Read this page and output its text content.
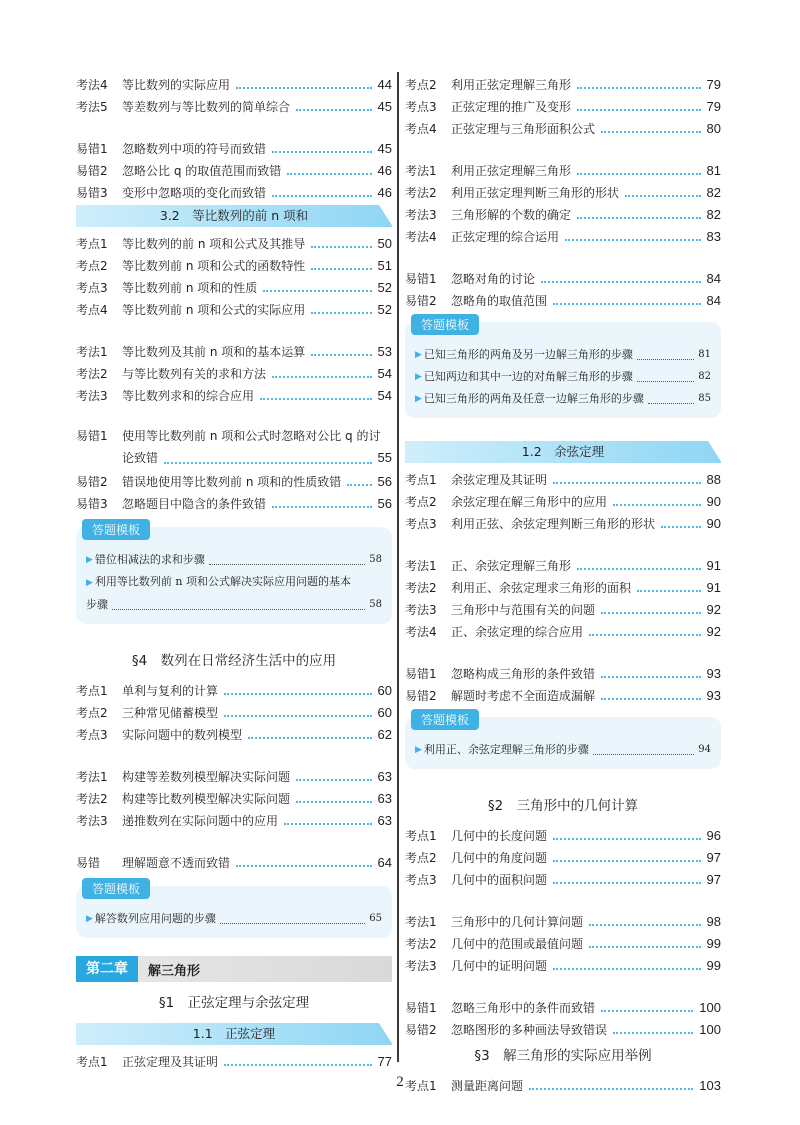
考法4	等比数列的实际应用	44
考法5	等差数列与等比数列的简单综合	45
易错1	忽略数列中项的符号而致错	45
易错2	忽略公比 q 的取值范围而致错	46
易错3	变形中忽略项的变化而致错	46
3.2　等比数列的前 n 项和
考点1	等比数列的前 n 项和公式及其推导	50
考点2	等比数列前 n 项和公式的函数特性	51
考点3	等比数列前 n 项和的性质	52
考点4	等比数列前 n 项和公式的实际应用	52
考法1	等比数列及其前 n 项和的基本运算	53
考法2	与等比数列有关的求和方法	54
考法3	等比数列求和的综合应用	54
易错1	使用等比数列前 n 项和公式时忽略对公比 q 的讨
论致错	55
易错2	错误地使用等比数列前 n 项和的性质致错	56
易错3	忽略题目中隐含的条件致错	56
答题模板
▶ 错位相减法的求和步骤	58
▶ 利用等比数列前 n 项和公式解决实际应用问题的基本
步骤	58
§4　数列在日常经济生活中的应用
考点1	单利与复利的计算	60
考点2	三种常见储蓄模型	60
考点3	实际问题中的数列模型	62
考法1	构建等差数列模型解决实际问题	63
考法2	构建等比数列模型解决实际问题	63
考法3	递推数列在实际问题中的应用	63
易错	理解题意不透而致错	64
答题模板
▶ 解答数列应用问题的步骤	65
第二章	解三角形
§1　正弦定理与余弦定理
1.1　正弦定理
考点1	正弦定理及其证明	77
考点2	利用正弦定理解三角形	79
考点3	正弦定理的推广及变形	79
考点4	正弦定理与三角形面积公式	80
考法1	利用正弦定理解三角形	81
考法2	利用正弦定理判断三角形的形状	82
考法3	三角形解的个数的确定	82
考法4	正弦定理的综合运用	83
易错1	忽略对角的讨论	84
易错2	忽略角的取值范围	84
答题模板
▶ 已知三角形的两角及另一边解三角形的步骤	81
▶ 已知两边和其中一边的对角解三角形的步骤	82
▶ 已知三角形的两角及任意一边解三角形的步骤	85
1.2　余弦定理
考点1	余弦定理及其证明	88
考点2	余弦定理在解三角形中的应用	90
考点3	利用正弦、余弦定理判断三角形的形状	90
考法1	正、余弦定理解三角形	91
考法2	利用正、余弦定理求三角形的面积	91
考法3	三角形中与范围有关的问题	92
考法4	正、余弦定理的综合应用	92
易错1	忽略构成三角形的条件致错	93
易错2	解题时考虑不全面造成漏解	93
答题模板
▶ 利用正、余弦定理解三角形的步骤	94
§2　三角形中的几何计算
考点1	几何中的长度问题	96
考点2	几何中的角度问题	97
考点3	几何中的面积问题	97
考法1	三角形中的几何计算问题	98
考法2	几何中的范围或最值问题	99
考法3	几何中的证明问题	99
易错1	忽略三角形中的条件而致错	100
易错2	忽略图形的多种画法导致错误	100
§3　解三角形的实际应用举例
考点1	测量距离问题	103
2
